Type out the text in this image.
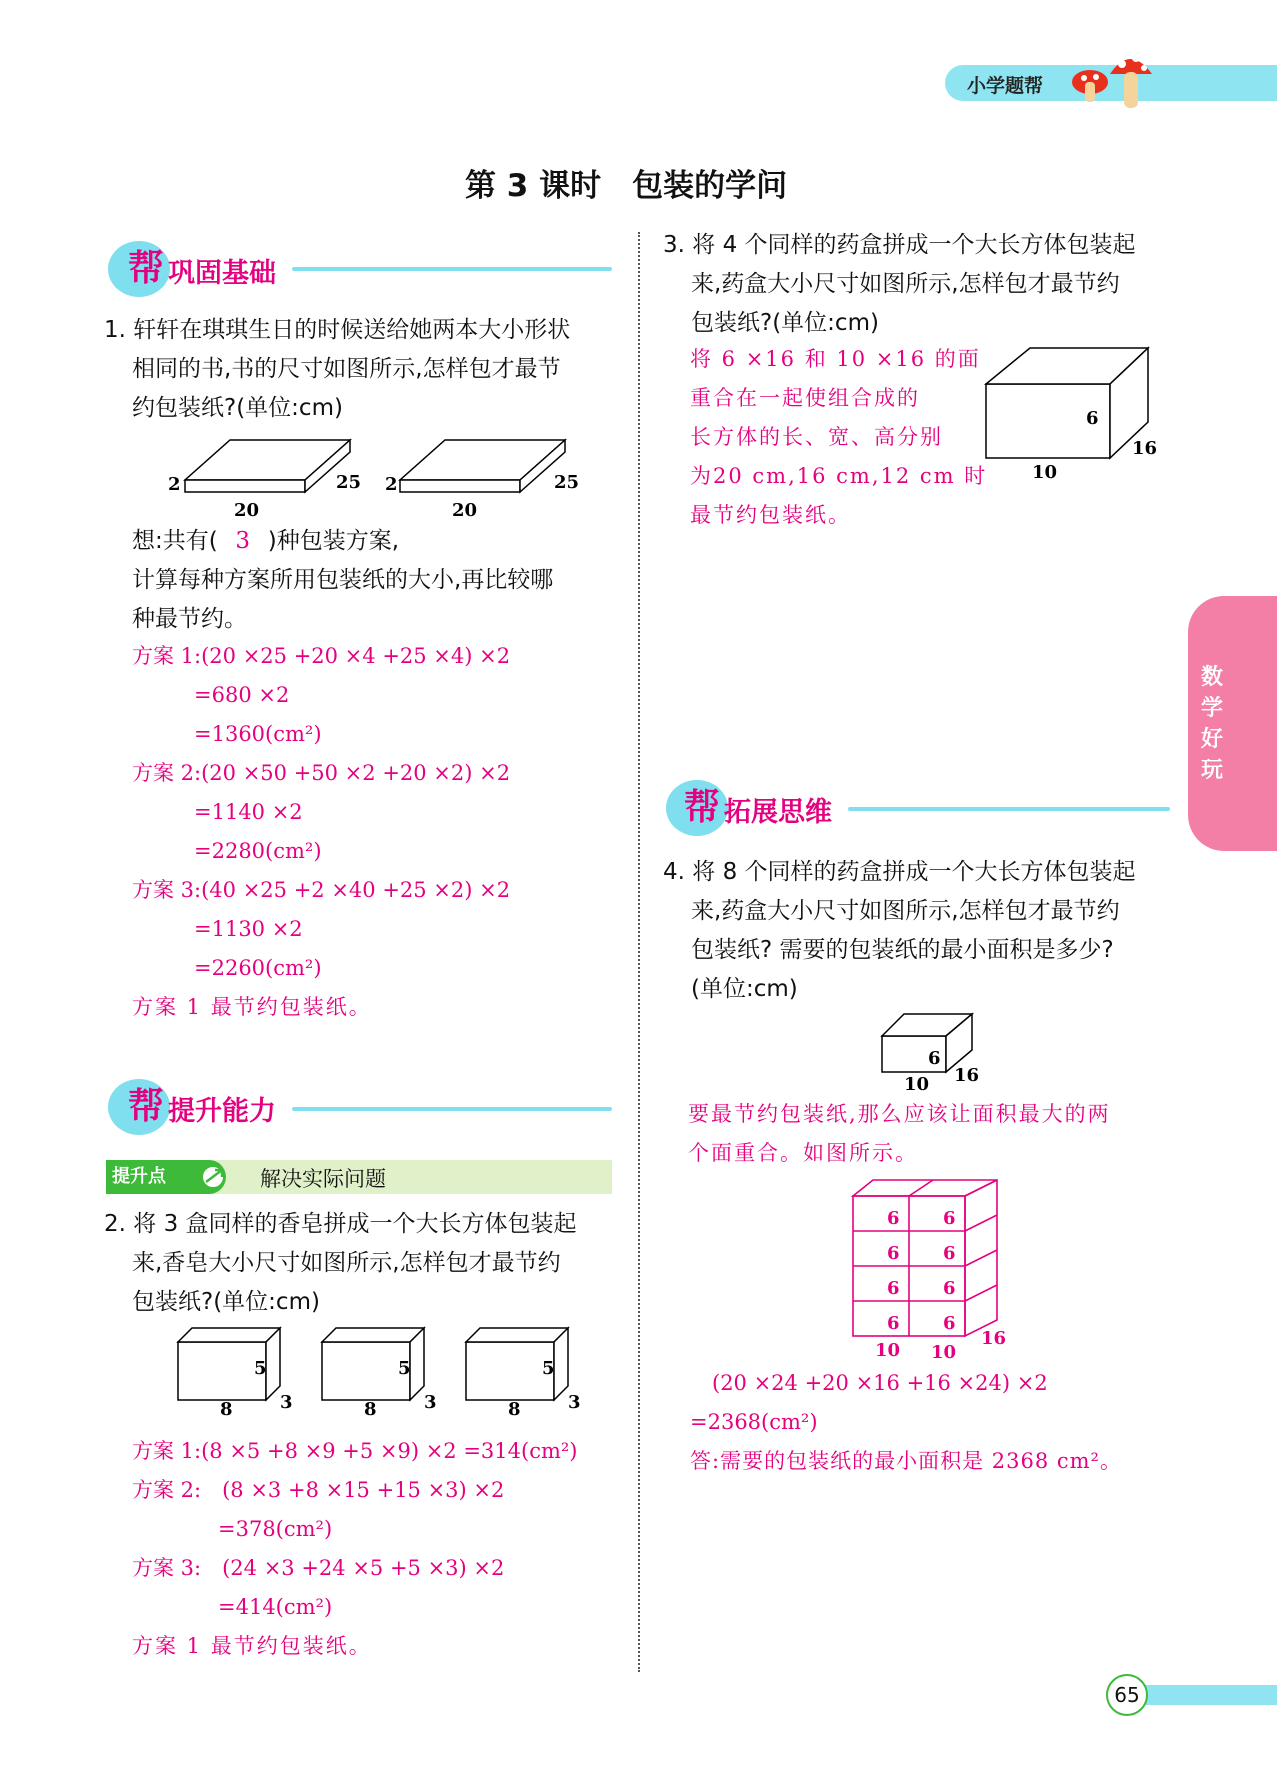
小学题帮
第 3 课时　包装的学问
数
学
好
玩
帮 巩固基础
1. 轩轩在琪琪生日的时候送给她两本大小形状
相同的书,书的尺寸如图所示,怎样包才最节
约包装纸?(单位:cm)
2
20
25 2
20
25
想:共有( 3 )种包装方案,
计算每种方案所用包装纸的大小,再比较哪
种最节约。
方案 1:(20 ×25 +20 ×4 +25 ×4) ×2
=680 ×2
=1360(cm²)
方案 2:(20 ×50 +50 ×2 +20 ×2) ×2
=1140 ×2
=2280(cm²)
方案 3:(40 ×25 +2 ×40 +25 ×2) ×2
=1130 ×2
=2260(cm²)
方案 1 最节约包装纸。
帮 提升能力
提升点	解决实际问题
2. 将 3 盒同样的香皂拼成一个大长方体包装起
来,香皂大小尺寸如图所示,怎样包才最节约
包装纸?(单位:cm)
5
8	3
5
8	3
5
8	3
方案 1:(8 ×5 +8 ×9 +5 ×9) ×2 =314(cm²)
方案 2:　(8 ×3 +8 ×15 +15 ×3) ×2
=378(cm²)
方案 3:　(24 ×3 +24 ×5 +5 ×3) ×2
=414(cm²)
方案 1 最节约包装纸。
3. 将 4 个同样的药盒拼成一个大长方体包装起
来,药盒大小尺寸如图所示,怎样包才最节约
包装纸?(单位:cm)
将 6 ×16 和 10 ×16 的面
重合在一起使组合成的
长方体的长、宽、高分别
为20 cm,16 cm,12 cm 时
最节约包装纸。
6
10
16
帮 拓展思维
4. 将 8 个同样的药盒拼成一个大长方体包装起
来,药盒大小尺寸如图所示,怎样包才最节约
包装纸? 需要的包装纸的最小面积是多少?
(单位:cm)
6
10 16
要最节约包装纸,那么应该让面积最大的两
个面重合。如图所示。
6 6
6 6
6 6
6 6
10 10
16
(20 ×24 +20 ×16 +16 ×24) ×2
=2368(cm²)
答:需要的包装纸的最小面积是 2368 cm²。
65
